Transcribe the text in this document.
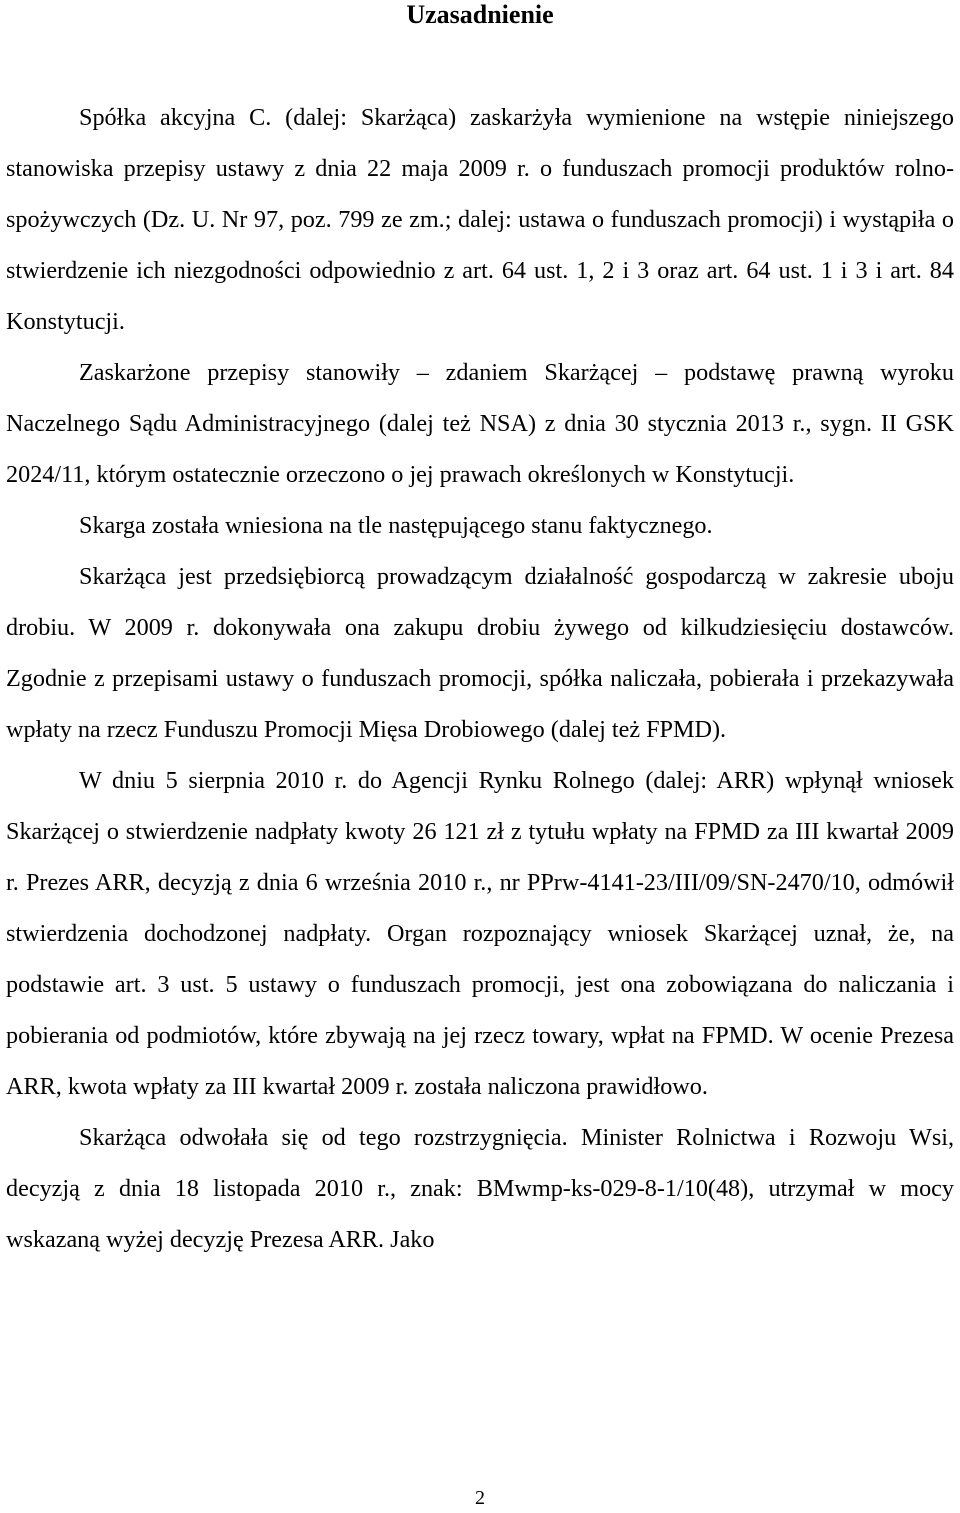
Uzasadnienie

Spółka akcyjna C. (dalej: Skarżąca) zaskarżyła wymienione na wstępie niniejszego stanowiska przepisy ustawy z dnia 22 maja 2009 r. o funduszach promocji produktów rolno-spożywczych (Dz. U. Nr 97, poz. 799 ze zm.; dalej: ustawa o funduszach promocji) i wystąpiła o stwierdzenie ich niezgodności odpowiednio z art. 64 ust. 1, 2 i 3 oraz art. 64 ust. 1 i 3 i art. 84 Konstytucji.

Zaskarżone przepisy stanowiły – zdaniem Skarżącej – podstawę prawną wyroku Naczelnego Sądu Administracyjnego (dalej też NSA) z dnia 30 stycznia 2013 r., sygn. II GSK 2024/11, którym ostatecznie orzeczono o jej prawach określonych w Konstytucji.

Skarga została wniesiona na tle następującego stanu faktycznego.

Skarżąca jest przedsiębiorcą prowadzącym działalność gospodarczą w zakresie uboju drobiu. W 2009 r. dokonywała ona zakupu drobiu żywego od kilkudziesięciu dostawców. Zgodnie z przepisami ustawy o funduszach promocji, spółka naliczała, pobierała i przekazywała wpłaty na rzecz Funduszu Promocji Mięsa Drobiowego (dalej też FPMD).

W dniu 5 sierpnia 2010 r. do Agencji Rynku Rolnego (dalej: ARR) wpłynął wniosek Skarżącej o stwierdzenie nadpłaty kwoty 26 121 zł z tytułu wpłaty na FPMD za III kwartał 2009 r. Prezes ARR, decyzją z dnia 6 września 2010 r., nr PPrw-4141-23/III/09/SN-2470/10, odmówił stwierdzenia dochodzonej nadpłaty. Organ rozpoznający wniosek Skarżącej uznał, że, na podstawie art. 3 ust. 5 ustawy o funduszach promocji, jest ona zobowiązana do naliczania i pobierania od podmiotów, które zbywają na jej rzecz towary, wpłat na FPMD. W ocenie Prezesa ARR, kwota wpłaty za III kwartał 2009 r. została naliczona prawidłowo.

Skarżąca odwołała się od tego rozstrzygnięcia. Minister Rolnictwa i Rozwoju Wsi, decyzją z dnia 18 listopada 2010 r., znak: BMwmp-ks-029-8-1/10(48), utrzymał w mocy wskazaną wyżej decyzję Prezesa ARR. Jako

2
